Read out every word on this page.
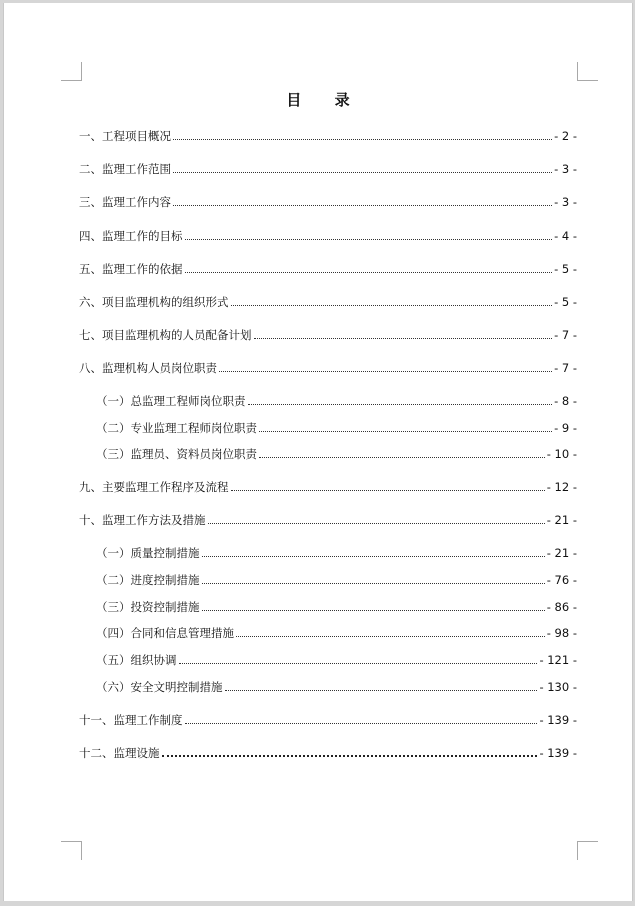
目 录
一、工程项目概况	- 2 -
二、监理工作范围	- 3 -
三、监理工作内容	- 3 -
四、监理工作的目标	- 4 -
五、监理工作的依据	- 5 -
六、项目监理机构的组织形式	- 5 -
七、项目监理机构的人员配备计划	- 7 -
八、监理机构人员岗位职责	- 7 -
（一）总监理工程师岗位职责	- 8 -
（二）专业监理工程师岗位职责	- 9 -
（三）监理员、资料员岗位职责	- 10 -
九、主要监理工作程序及流程	- 12 -
十、监理工作方法及措施	- 21 -
（一）质量控制措施	- 21 -
（二）进度控制措施	- 76 -
（三）投资控制措施	- 86 -
（四）合同和信息管理措施	- 98 -
（五）组织协调	- 121 -
（六）安全文明控制措施	- 130 -
十一、监理工作制度	- 139 -
十二、监理设施	- 139 -
